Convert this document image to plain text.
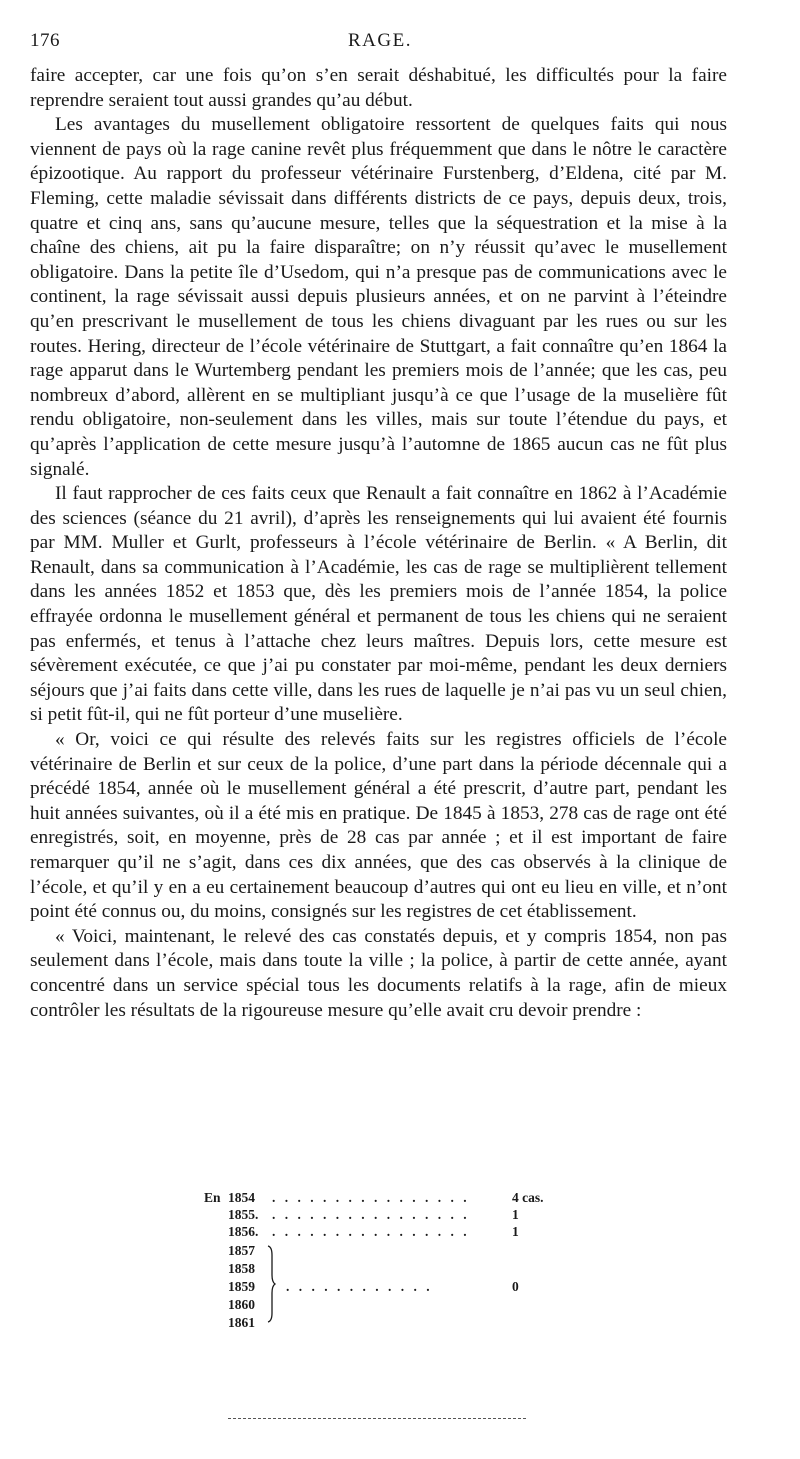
176	RAGE.

faire accepter, car une fois qu’on s’en serait déshabitué, les difficultés pour la faire reprendre seraient tout aussi grandes qu’au début.

Les avantages du musellement obligatoire ressortent de quelques faits qui nous viennent de pays où la rage canine revêt plus fréquemment que dans le nôtre le caractère épizootique. Au rapport du professeur vétérinaire Furstenberg, d’Eldena, cité par M. Fleming, cette maladie sévissait dans différents districts de ce pays, depuis deux, trois, quatre et cinq ans, sans qu’aucune mesure, telles que la séquestration et la mise à la chaîne des chiens, ait pu la faire disparaître; on n’y réussit qu’avec le musellement obligatoire. Dans la petite île d’Usedom, qui n’a presque pas de communications avec le continent, la rage sévissait aussi depuis plusieurs années, et on ne parvint à l’éteindre qu’en prescrivant le musellement de tous les chiens divaguant par les rues ou sur les routes. Hering, directeur de l’école vétérinaire de Stuttgart, a fait connaître qu’en 1864 la rage apparut dans le Wurtemberg pendant les premiers mois de l’année; que les cas, peu nombreux d’abord, allèrent en se multipliant jusqu’à ce que l’usage de la muselière fût rendu obligatoire, non-seulement dans les villes, mais sur toute l’étendue du pays, et qu’après l’application de cette mesure jusqu’à l’automne de 1865 aucun cas ne fût plus signalé.

Il faut rapprocher de ces faits ceux que Renault a fait connaître en 1862 à l’Académie des sciences (séance du 21 avril), d’après les renseignements qui lui avaient été fournis par MM. Muller et Gurlt, professeurs à l’école vétérinaire de Berlin. « A Berlin, dit Renault, dans sa communication à l’Académie, les cas de rage se multiplièrent tellement dans les années 1852 et 1853 que, dès les premiers mois de l’année 1854, la police effrayée ordonna le musellement général et permanent de tous les chiens qui ne seraient pas enfermés, et tenus à l’attache chez leurs maîtres. Depuis lors, cette mesure est sévèrement exécutée, ce que j’ai pu constater par moi-même, pendant les deux derniers séjours que j’ai faits dans cette ville, dans les rues de laquelle je n’ai pas vu un seul chien, si petit fût-il, qui ne fût porteur d’une muselière.

« Or, voici ce qui résulte des relevés faits sur les registres officiels de l’école vétérinaire de Berlin et sur ceux de la police, d’une part dans la période décennale qui a précédé 1854, année où le musellement général a été prescrit, d’autre part, pendant les huit années suivantes, où il a été mis en pratique. De 1845 à 1853, 278 cas de rage ont été enregistrés, soit, en moyenne, près de 28 cas par année ; et il est important de faire remarquer qu’il ne s’agit, dans ces dix années, que des cas observés à la clinique de l’école, et qu’il y en a eu certainement beaucoup d’autres qui ont eu lieu en ville, et n’ont point été connus ou, du moins, consignés sur les registres de cet établissement.

« Voici, maintenant, le relevé des cas constatés depuis, et y compris 1854, non pas seulement dans l’école, mais dans toute la ville ; la police, à partir de cette année, ayant concentré dans un service spécial tous les documents relatifs à la rage, afin de mieux contrôler les résultats de la rigoureuse mesure qu’elle avait cru devoir prendre :

En 1854 . . . . . . . . . . . . . . . .	4 cas.
1855. . . . . . . . . . . . . . . . .	1
1856. . . . . . . . . . . . . . . . .	1
1857
1858
1859 . . . . . . . . . . . .	0
1860
1861
